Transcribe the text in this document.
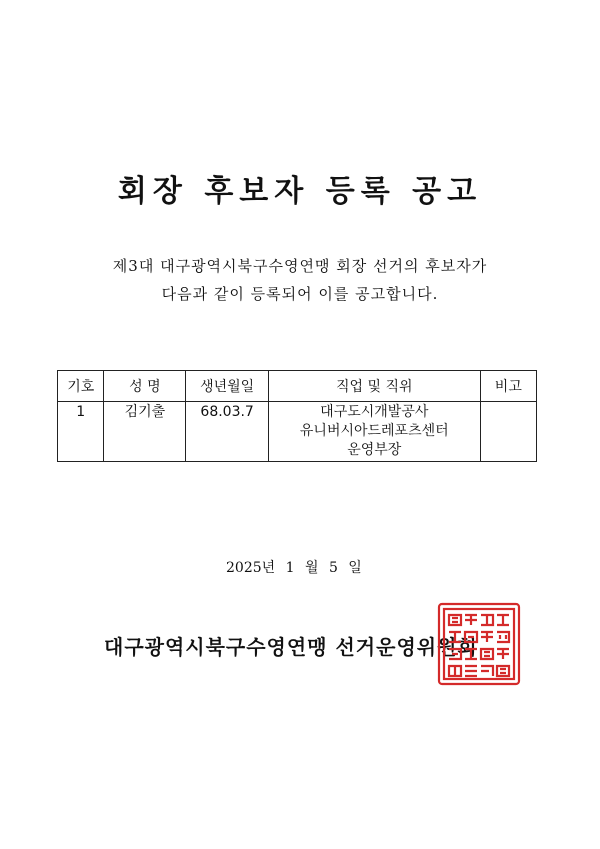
회장 후보자 등록 공고
제3대 대구광역시북구수영연맹 회장 선거의 후보자가
다음과 같이 등록되어 이를 공고합니다.
기호	성 명	생년월일	직업 및 직위	비고
1	김기출	68.03.7	대구도시개발공사
유니버시아드레포츠센터
운영부장	

2025년 1 월 5 일
대구광역시북구수영연맹 선거운영위원회
